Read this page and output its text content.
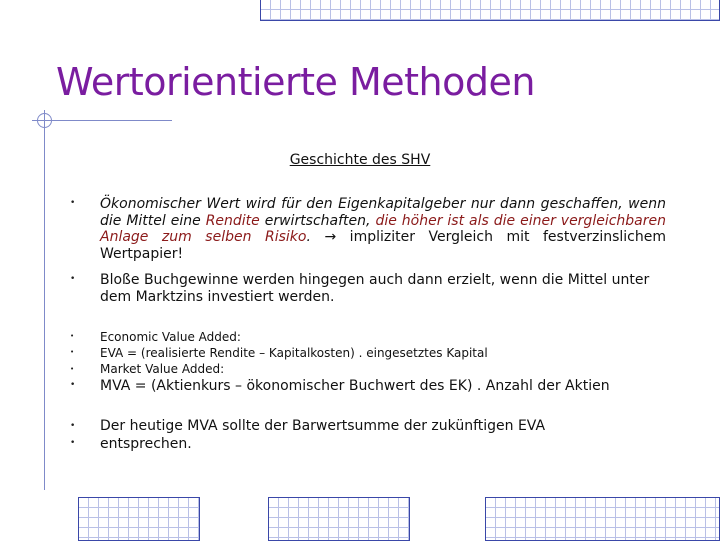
Wertorientierte Methoden
Geschichte des SHV
•
•
•
•
•
•
•
•
Ökonomischer Wert wird für den Eigenkapitalgeber nur dann geschaffen, wenn die Mittel eine Rendite erwirtschaften, die höher ist als die einer vergleichbaren Anlage zum selben Risiko. → impliziter Vergleich mit festverzinslichem Wertpapier!
Bloße Buchgewinne werden hingegen auch dann erzielt, wenn die Mittel unter dem Marktzins investiert werden.
Economic Value Added:
EVA = (realisierte Rendite – Kapitalkosten) . eingesetztes Kapital
Market Value Added:
MVA = (Aktienkurs – ökonomischer Buchwert des EK) . Anzahl der Aktien
Der heutige MVA sollte der Barwertsumme der zukünftigen EVA
entsprechen.
